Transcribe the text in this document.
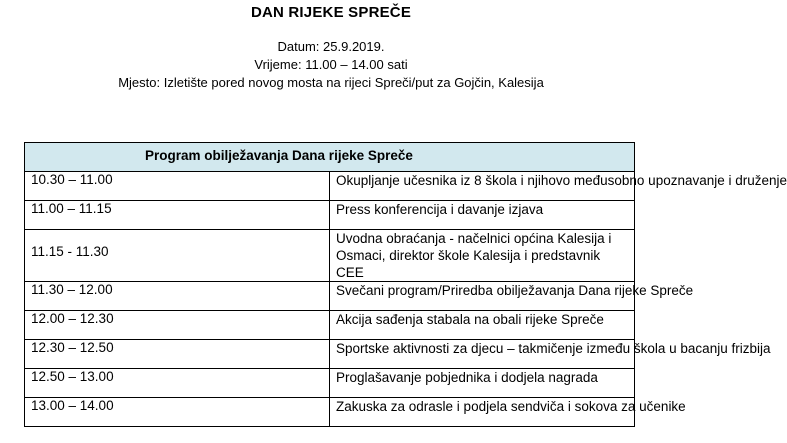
DAN RIJEKE SPREČE
Datum: 25.9.2019.
Vrijeme: 11.00 – 14.00 sati
Mjesto: Izletište pored novog mosta na rijeci Spreči/put za Gojčin, Kalesija
Program obilježavanja Dana rijeke Sprеče	
10.30 – 11.00	Okupljanje učesnika iz 8 škola i njihovo međusobno upoznavanje i druženje
11.00 – 11.15	Press konferencija i davanje izjava
11.15 - 11.30	Uvodna obraćanja - načelnici općina Kalesija i Osmaci, direktor škole Kalesija i predstavnik CEE
11.30 – 12.00	Svečani program/Priredba obilježavanja Dana rijeke Spreče
12.00 – 12.30	Akcija sađenja stabala na obali rijeke Spreče
12.30 – 12.50	Sportske aktivnosti za djecu – takmičenje između škola u bacanju frizbija
12.50 – 13.00	Proglašavanje pobjednika i dodjela nagrada
13.00 – 14.00	Zakuska za odrasle i podjela sendviča i sokova za učenike
